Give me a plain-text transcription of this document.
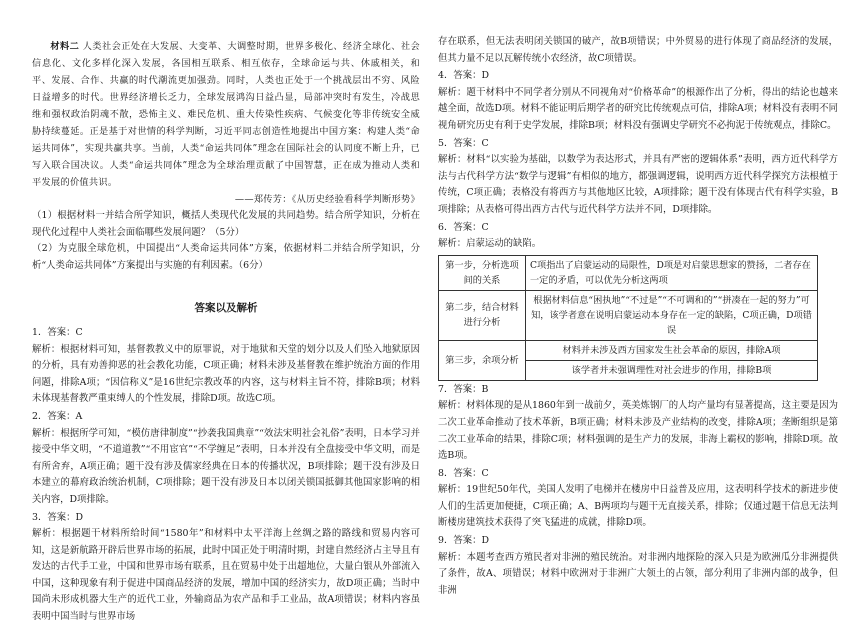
材料二 人类社会正处在大发展、大变革、大调整时期，世界多极化、经济全球化、社会信息化、文化多样化深入发展，各国相互联系、相互依存，全球命运与共、休戚相关，和平、发展、合作、共赢的时代潮流更加强劲。同时，人类也正处于一个挑战层出不穷、风险日益增多的时代。世界经济增长乏力，全球发展鸿沟日益凸显，局部冲突时有发生，冷战思维和强权政治阴魂不散，恐怖主义、难民危机、重大传染性疾病、气候变化等非传统安全威胁持续蔓延。正是基于对世情的科学判断，习近平同志创造性地提出中国方案：构建人类“命运共同体”，实现共赢共享。当前，人类“命运共同体”理念在国际社会的认同度不断上升，已写入联合国决议。人类“命运共同体”理念为全球治理贡献了中国智慧，正在成为推动人类和平发展的价值共识。

——郑传芳：《从历史经验看科学判断形势》

（1）根据材料一并结合所学知识，概括人类现代化发展的共同趋势。结合所学知识，分析在现代化过程中人类社会面临哪些发展问题？（5分）

（2）为克服全球危机，中国提出“人类命运共同体”方案，依据材料二并结合所学知识，分析“人类命运共同体”方案提出与实施的有利因素。（6分）

答案以及解析

1．答案：C

解析：根据材料可知，基督教教义中的原罪说，对于地狱和天堂的划分以及人们坠入地狱原因的分析，具有劝善抑恶的社会教化功能，C项正确；材料未涉及基督教在维护统治方面的作用问题，排除A项；“因信称义”是16世纪宗教改革的内容，这与材料主旨不符，排除B项；材料未体现基督教严重束缚人的个性发展，排除D项。故选C项。

2．答案：A

解析：根据所学可知，“模仿唐律制度”“抄袭我国典章”“效法宋明社会礼俗”表明，日本学习并接受中华文明，“不道道教”“不用宦官”“不学缠足”表明，日本并没有全盘接受中华文明，而是有所舍弃，A项正确；题干没有涉及儒家经典在日本的传播状况，B项排除；题干没有涉及日本建立的幕府政治统治机制，C项排除；题干没有涉及日本以闭关锁国抵御其他国家影响的相关内容，D项排除。

3．答案：D

解析：根据题干材料所给时间“1580年”和材料中太平洋海上丝绸之路的路线和贸易内容可知，这是新航路开辟后世界市场的拓展，此时中国正处于明清时期，封建自然经济占主导且有发达的古代手工业，中国和世界市场有联系，且在贸易中处于出超地位，大量白银从外部流入中国，这种现象有利于促进中国商品经济的发展，增加中国的经济实力，故D项正确；当时中国尚未形成机器大生产的近代工业，外输商品为农产品和手工业品，故A项错误；材料内容虽表明中国当时与世界市场

存在联系，但无法表明闭关锁国的破产，故B项错误；中外贸易的进行体现了商品经济的发展，但其力量不足以瓦解传统小农经济，故C项错误。

4．答案：D

解析：题干材料中不同学者分别从不同视角对“价格革命”的根源作出了分析，得出的结论也越来越全面，故选D项。材料不能证明后期学者的研究比传统观点可信，排除A项；材料没有表明不同视角研究历史有利于史学发展，排除B项；材料没有强调史学研究不必拘泥于传统观点，排除C。

5．答案：C

解析：材料“以实验为基础，以数学为表达形式，并具有严密的逻辑体系”表明，西方近代科学方法与古代科学方法“数学与逻辑”有相似的地方，都强调逻辑，说明西方近代科学探究方法根植于传统，C项正确；表格没有将西方与其他地区比较，A项排除；题干没有体现古代有科学实验，B项排除；从表格可得出西方古代与近代科学方法并不同，D项排除。

6．答案：C

解析：启蒙运动的缺陷。

第一步，分析选项间的关系	C项指出了启蒙运动的局限性，D项是对启蒙思想家的赞扬，二者存在一定的矛盾，可以优先分析这两项
第二步，结合材料进行分析	根据材料信息“困执地”“不过是”“不可调和的”“拼凑在一起的努力”可知，该学者意在说明启蒙运动本身存在一定的缺陷，C项正确，D项错误
第三步，余项分析	材料并未涉及西方国家发生社会革命的原因，排除A项
	该学者并未强调理性对社会进步的作用，排除B项

7．答案：B

解析：材料体现的是从1860年到一战前夕，英美炼钢厂的人均产量均有显著提高，这主要是因为二次工业革命推动了技术革新，B项正确；材料未涉及产业结构的改变，排除A项；垄断组织是第二次工业革命的结果，排除C项；材料强调的是生产力的发展，非海上霸权的影响，排除D项。故选B项。

8．答案：C

解析：19世纪50年代，美国人发明了电梯并在楼房中日益普及应用，这表明科学技术的新进步使人们的生活更加便捷，C项正确；A、B两项均与题干无直接关系，排除；仅通过题干信息无法判断楼房建筑技术获得了突飞猛进的成就，排除D项。

9．答案：D

解析：本题考查西方殖民者对非洲的殖民统治。对非洲内地探险的深入只是为欧洲瓜分非洲提供了条件，故A、项错误；材料中欧洲对于非洲广大领土的占领，部分利用了非洲内部的战争，但非洲
